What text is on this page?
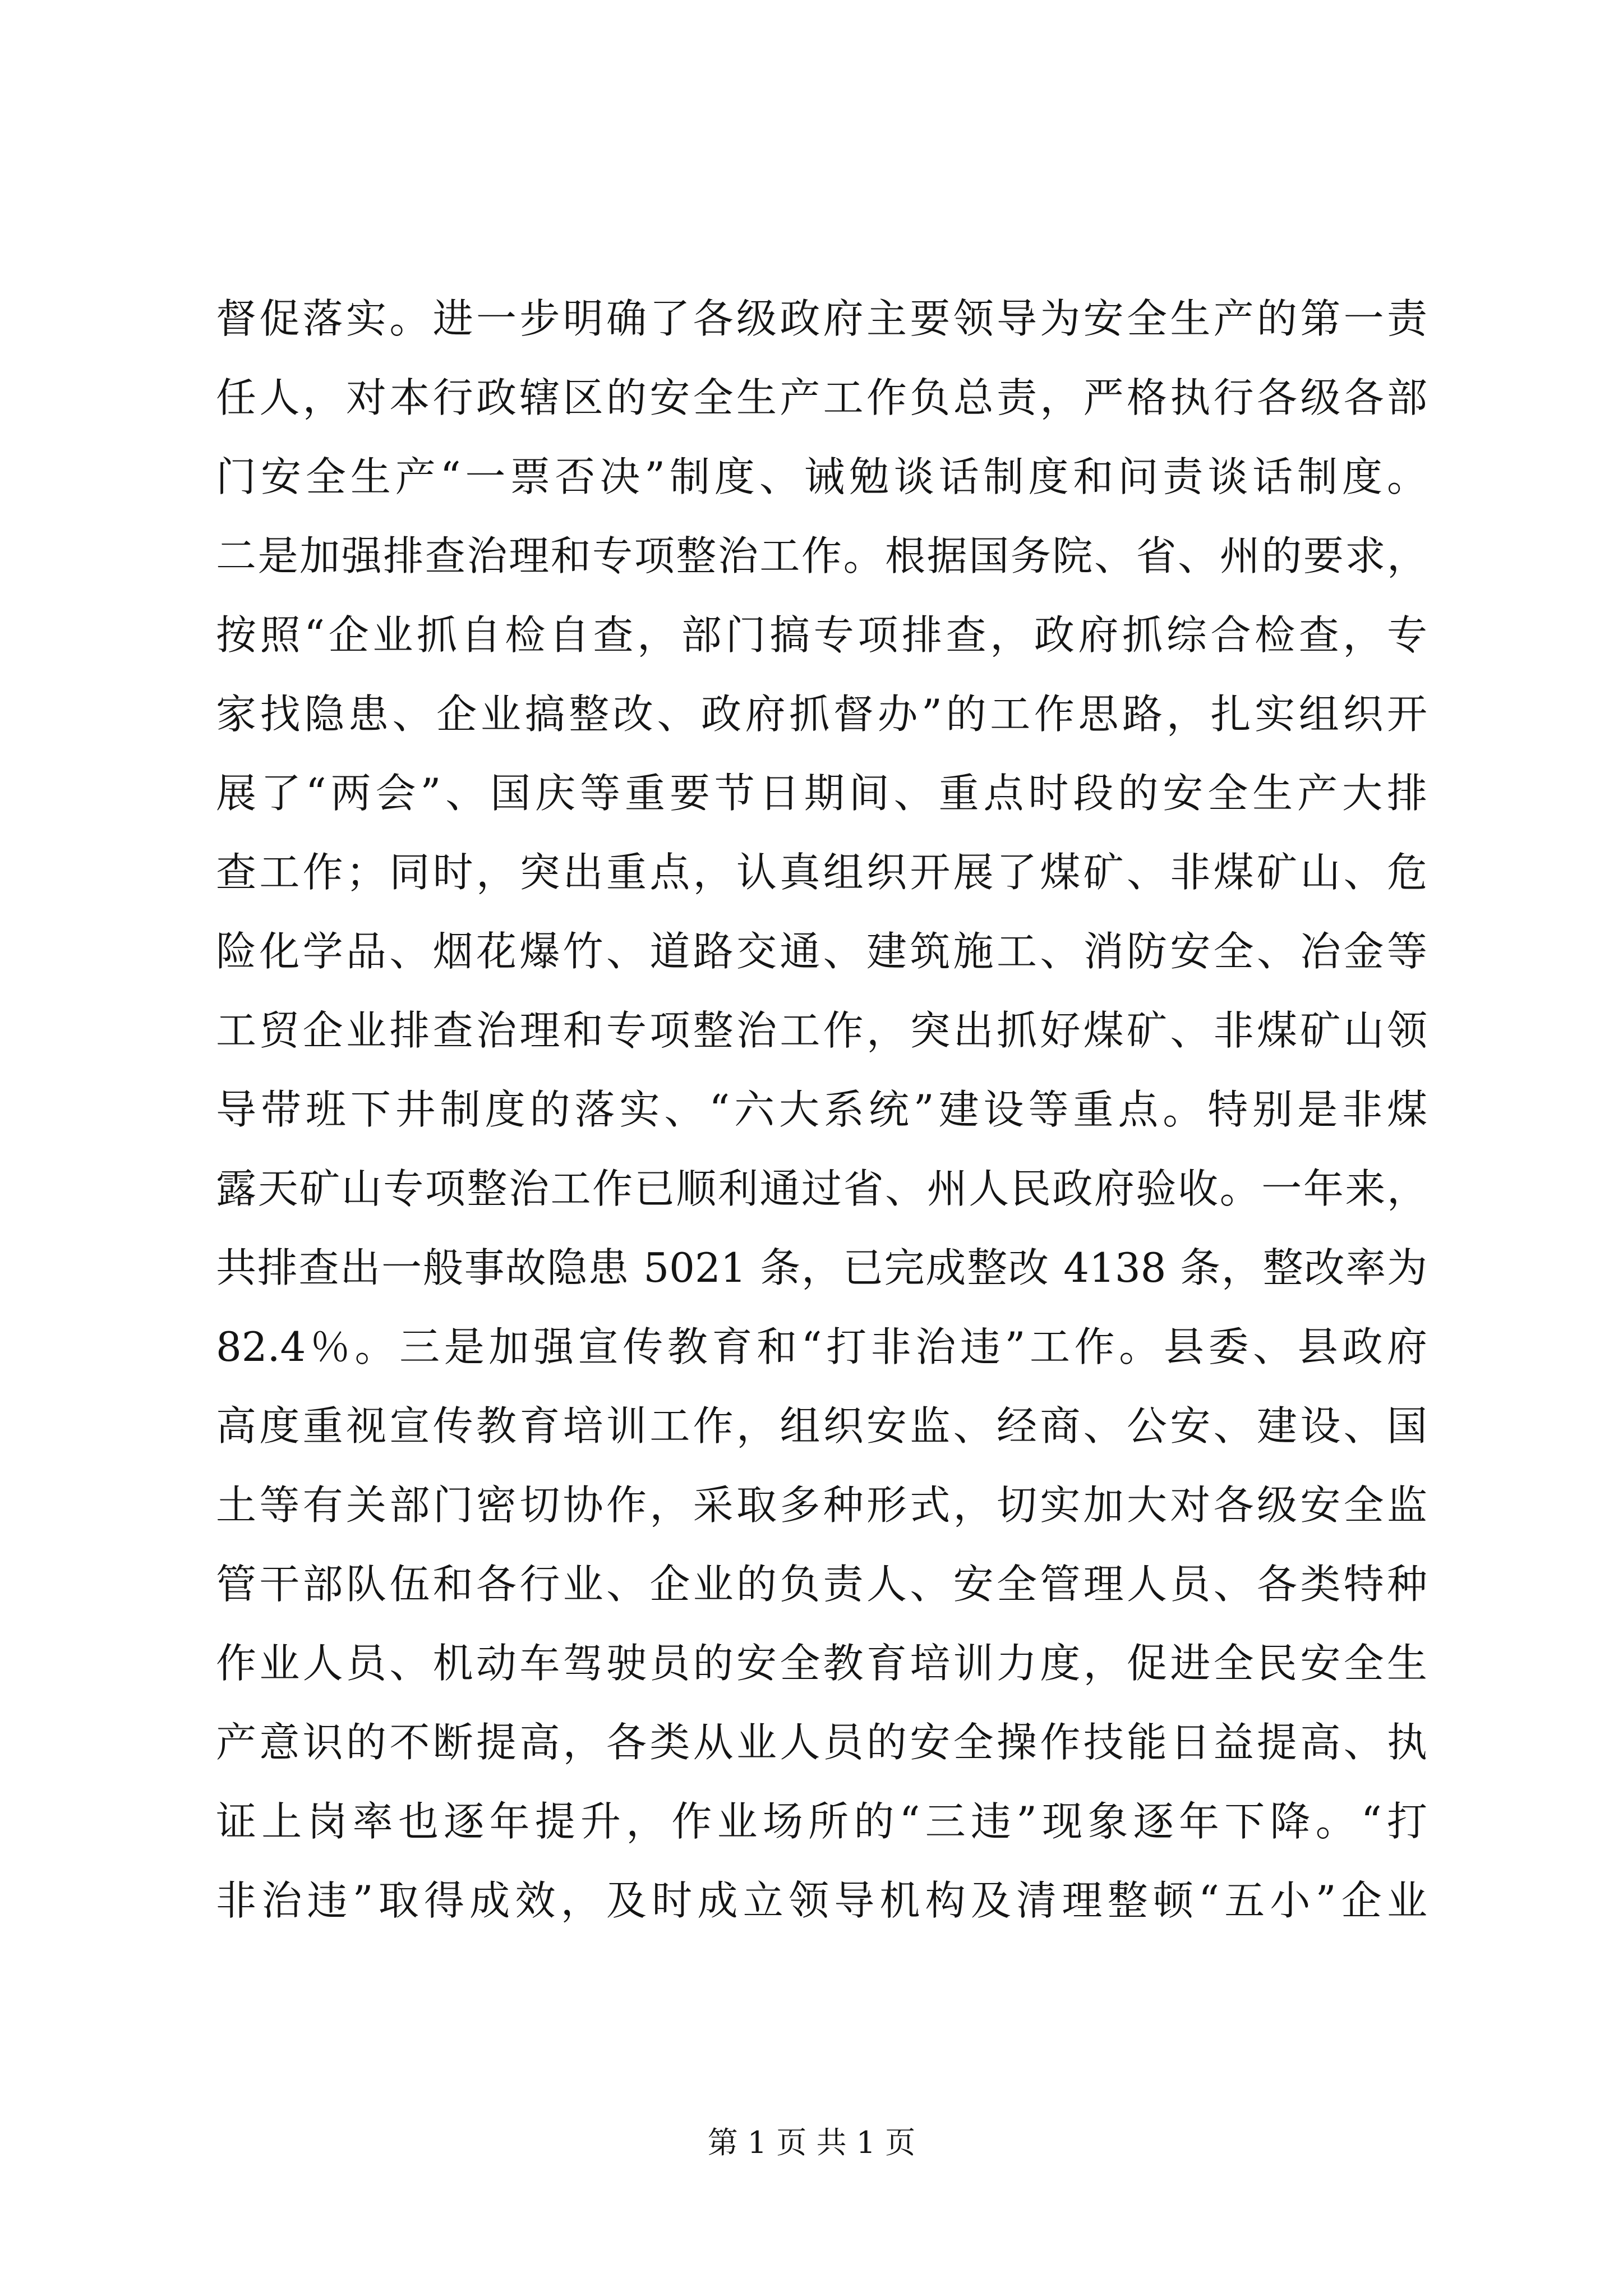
督促落实。进一步明确了各级政府主要领导为安全生产的第一责
任人，对本行政辖区的安全生产工作负总责，严格执行各级各部
门安全生产“一票否决”制度、诫勉谈话制度和问责谈话制度。
二是加强排查治理和专项整治工作。根据国务院、省、州的要求，
按照“企业抓自检自查，部门搞专项排查，政府抓综合检查，专
家找隐患、企业搞整改、政府抓督办”的工作思路，扎实组织开
展了“两会”、国庆等重要节日期间、重点时段的安全生产大排
查工作；同时，突出重点，认真组织开展了煤矿、非煤矿山、危
险化学品、烟花爆竹、道路交通、建筑施工、消防安全、冶金等
工贸企业排查治理和专项整治工作，突出抓好煤矿、非煤矿山领
导带班下井制度的落实、“六大系统”建设等重点。特别是非煤
露天矿山专项整治工作已顺利通过省、州人民政府验收。一年来，
共排查出一般事故隐患 5021 条，已完成整改 4138 条，整改率为
82.4％。三是加强宣传教育和“打非治违”工作。县委、县政府
高度重视宣传教育培训工作，组织安监、经商、公安、建设、国
土等有关部门密切协作，采取多种形式，切实加大对各级安全监
管干部队伍和各行业、企业的负责人、安全管理人员、各类特种
作业人员、机动车驾驶员的安全教育培训力度，促进全民安全生
产意识的不断提高，各类从业人员的安全操作技能日益提高、执
证上岗率也逐年提升，作业场所的“三违”现象逐年下降。“打
非治违”取得成效，及时成立领导机构及清理整顿“五小”企业
第 1 页 共 1 页
